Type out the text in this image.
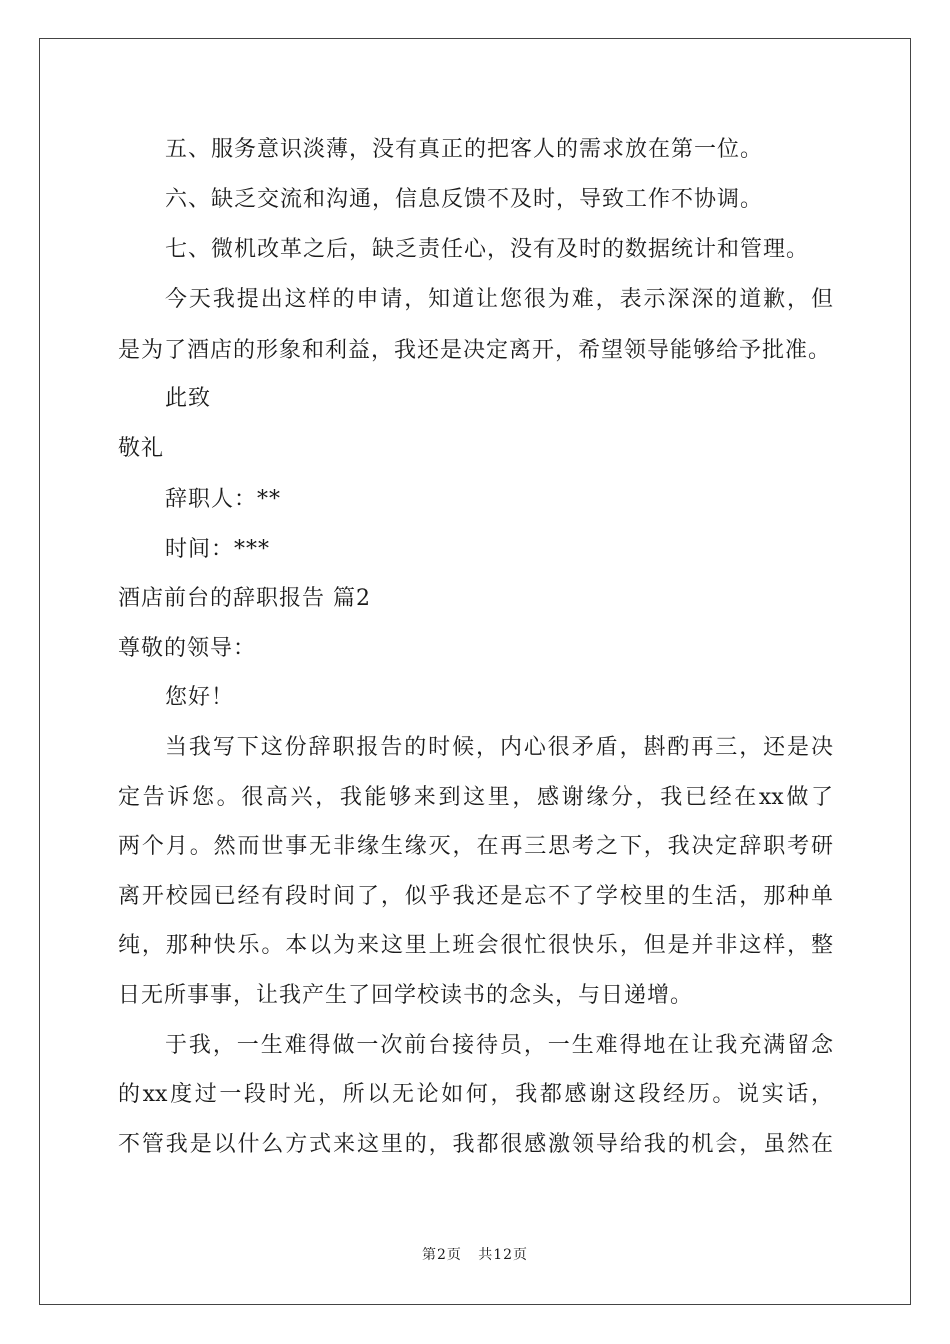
五、服务意识淡薄，没有真正的把客人的需求放在第一位。
六、缺乏交流和沟通，信息反馈不及时，导致工作不协调。
七、微机改革之后，缺乏责任心，没有及时的数据统计和管理。
今天我提出这样的申请，知道让您很为难，表示深深的道歉，但
是为了酒店的形象和利益，我还是决定离开，希望领导能够给予批准。
此致
敬礼
辞职人：**
时间：***
酒店前台的辞职报告 篇2
尊敬的领导：
您好！
当我写下这份辞职报告的时候，内心很矛盾，斟酌再三，还是决
定告诉您。很高兴，我能够来到这里，感谢缘分，我已经在xx做了
两个月。然而世事无非缘生缘灭，在再三思考之下，我决定辞职考研
离开校园已经有段时间了，似乎我还是忘不了学校里的生活，那种单
纯，那种快乐。本以为来这里上班会很忙很快乐，但是并非这样，整
日无所事事，让我产生了回学校读书的念头，与日递增。
于我，一生难得做一次前台接待员，一生难得地在让我充满留念
的xx度过一段时光，所以无论如何，我都感谢这段经历。说实话，
不管我是以什么方式来这里的，我都很感激领导给我的机会，虽然在
第2页   共12页
